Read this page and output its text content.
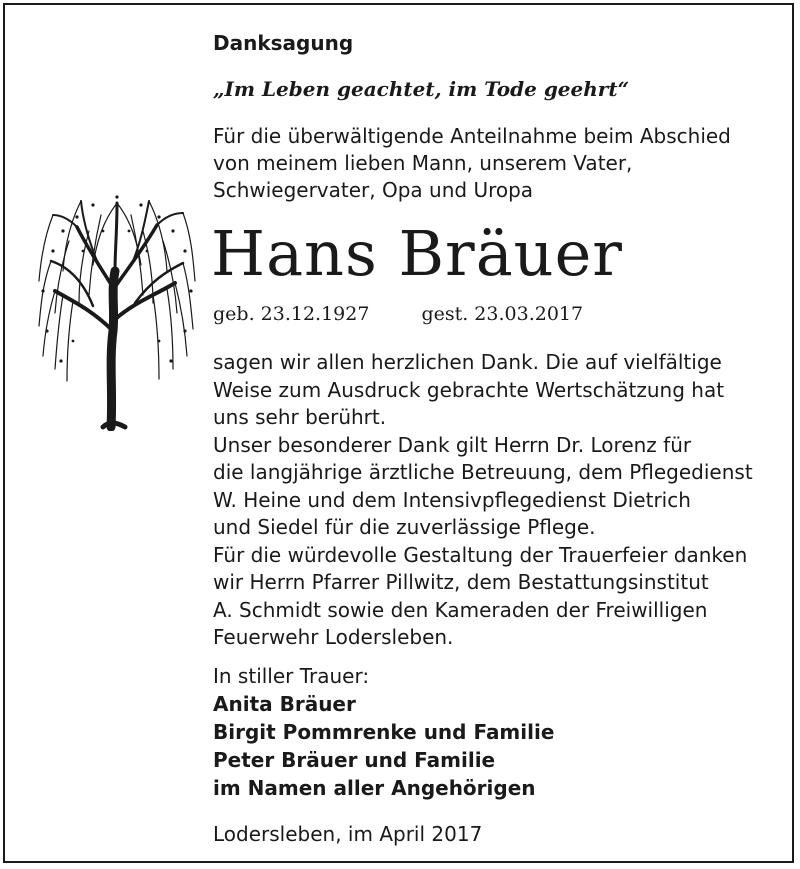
Danksagung
„Im Leben geachtet, im Tode geehrt“
Für die überwältigende Anteilnahme beim Abschied
von meinem lieben Mann, unserem Vater,
Schwiegervater, Opa und Uropa
Hans Bräuer
geb. 23.12.1927	gest. 23.03.2017
sagen wir allen herzlichen Dank. Die auf vielfältige
Weise zum Ausdruck gebrachte Wertschätzung hat
uns sehr berührt.
Unser besonderer Dank gilt Herrn Dr. Lorenz für
die langjährige ärztliche Betreuung, dem Pflegedienst
W. Heine und dem Intensivpflegedienst Dietrich
und Siedel für die zuverlässige Pflege.
Für die würdevolle Gestaltung der Trauerfeier danken
wir Herrn Pfarrer Pillwitz, dem Bestattungsinstitut
A. Schmidt sowie den Kameraden der Freiwilligen
Feuerwehr Lodersleben.
In stiller Trauer:
Anita Bräuer
Birgit Pommrenke und Familie
Peter Bräuer und Familie
im Namen aller Angehörigen
Lodersleben, im April 2017
